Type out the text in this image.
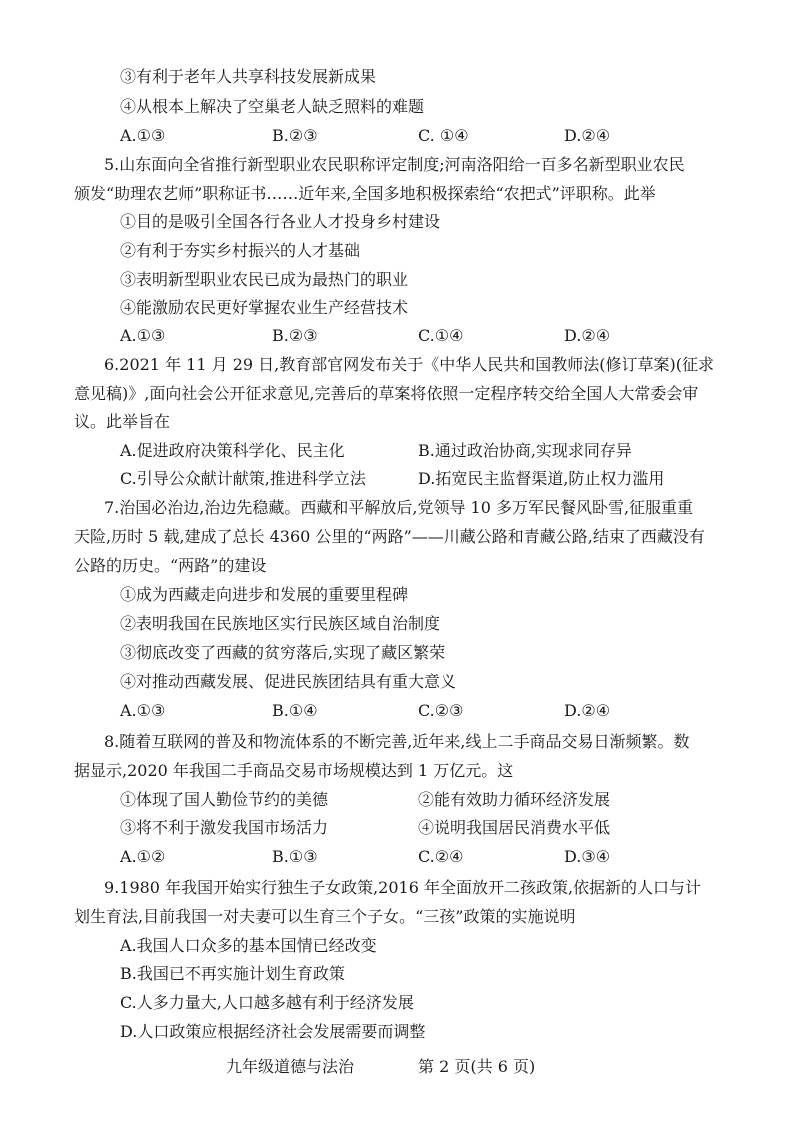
③有利于老年人共享科技发展新成果
④从根本上解决了空巢老人缺乏照料的难题
A.①③	B.②③	C. ①④	D.②④
5.山东面向全省推行新型职业农民职称评定制度;河南洛阳给一百多名新型职业农民
颁发“助理农艺师”职称证书……近年来,全国多地积极探索给“农把式”评职称。此举
①目的是吸引全国各行各业人才投身乡村建设
②有利于夯实乡村振兴的人才基础
③表明新型职业农民已成为最热门的职业
④能激励农民更好掌握农业生产经营技术
A.①③	B.②③	C.①④	D.②④
6.2021 年 11 月 29 日,教育部官网发布关于《中华人民共和国教师法(修订草案)(征求
意见稿)》,面向社会公开征求意见,完善后的草案将依照一定程序转交给全国人大常委会审
议。此举旨在
A.促进政府决策科学化、民主化	B.通过政治协商,实现求同存异
C.引导公众献计献策,推进科学立法	D.拓宽民主监督渠道,防止权力滥用
7.治国必治边,治边先稳藏。西藏和平解放后,党领导 10 多万军民餐风卧雪,征服重重
天险,历时 5 载,建成了总长 4360 公里的“两路”——川藏公路和青藏公路,结束了西藏没有
公路的历史。“两路”的建设
①成为西藏走向进步和发展的重要里程碑
②表明我国在民族地区实行民族区域自治制度
③彻底改变了西藏的贫穷落后,实现了藏区繁荣
④对推动西藏发展、促进民族团结具有重大意义
A.①③	B.①④	C.②③	D.②④
8.随着互联网的普及和物流体系的不断完善,近年来,线上二手商品交易日渐频繁。数
据显示,2020 年我国二手商品交易市场规模达到 1 万亿元。这
①体现了国人勤俭节约的美德	②能有效助力循环经济发展
③将不利于激发我国市场活力	④说明我国居民消费水平低
A.①②	B.①③	C.②④	D.③④
9.1980 年我国开始实行独生子女政策,2016 年全面放开二孩政策,依据新的人口与计
划生育法,目前我国一对夫妻可以生育三个子女。“三孩”政策的实施说明
A.我国人口众多的基本国情已经改变
B.我国已不再实施计划生育政策
C.人多力量大,人口越多越有利于经济发展
D.人口政策应根据经济社会发展需要而调整
九年级道德与法治	第 2 页(共 6 页)
